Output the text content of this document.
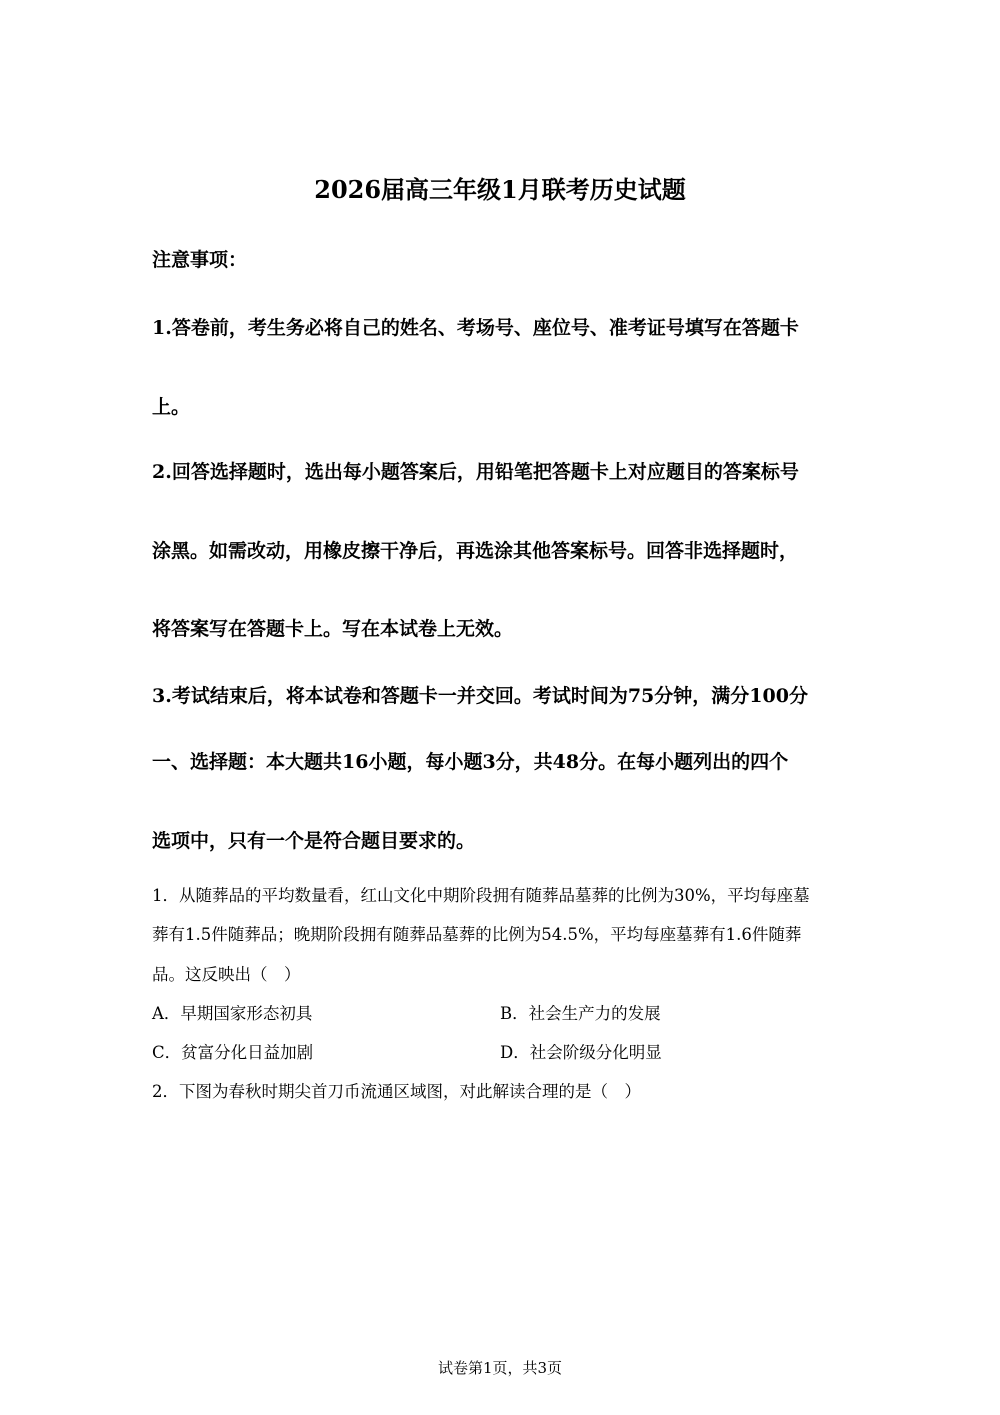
2026届高三年级1月联考历史试题

注意事项：

1.答卷前，考生务必将自己的姓名、考场号、座位号、准考证号填写在答题卡

上。

2.回答选择题时，选出每小题答案后，用铅笔把答题卡上对应题目的答案标号

涂黑。如需改动，用橡皮擦干净后，再选涂其他答案标号。回答非选择题时，

将答案写在答题卡上。写在本试卷上无效。

3.考试结束后，将本试卷和答题卡一并交回。考试时间为75分钟，满分100分

一、选择题：本大题共16小题，每小题3分，共48分。在每小题列出的四个

选项中，只有一个是符合题目要求的。

1．从随葬品的平均数量看，红山文化中期阶段拥有随葬品墓葬的比例为30%，平均每座墓

葬有1.5件随葬品；晚期阶段拥有随葬品墓葬的比例为54.5%，平均每座墓葬有1.6件随葬

品。这反映出（　）

A．早期国家形态初具	B．社会生产力的发展
C．贫富分化日益加剧	D．社会阶级分化明显

2．下图为春秋时期尖首刀币流通区域图，对此解读合理的是（　）

试卷第1页，共3页
